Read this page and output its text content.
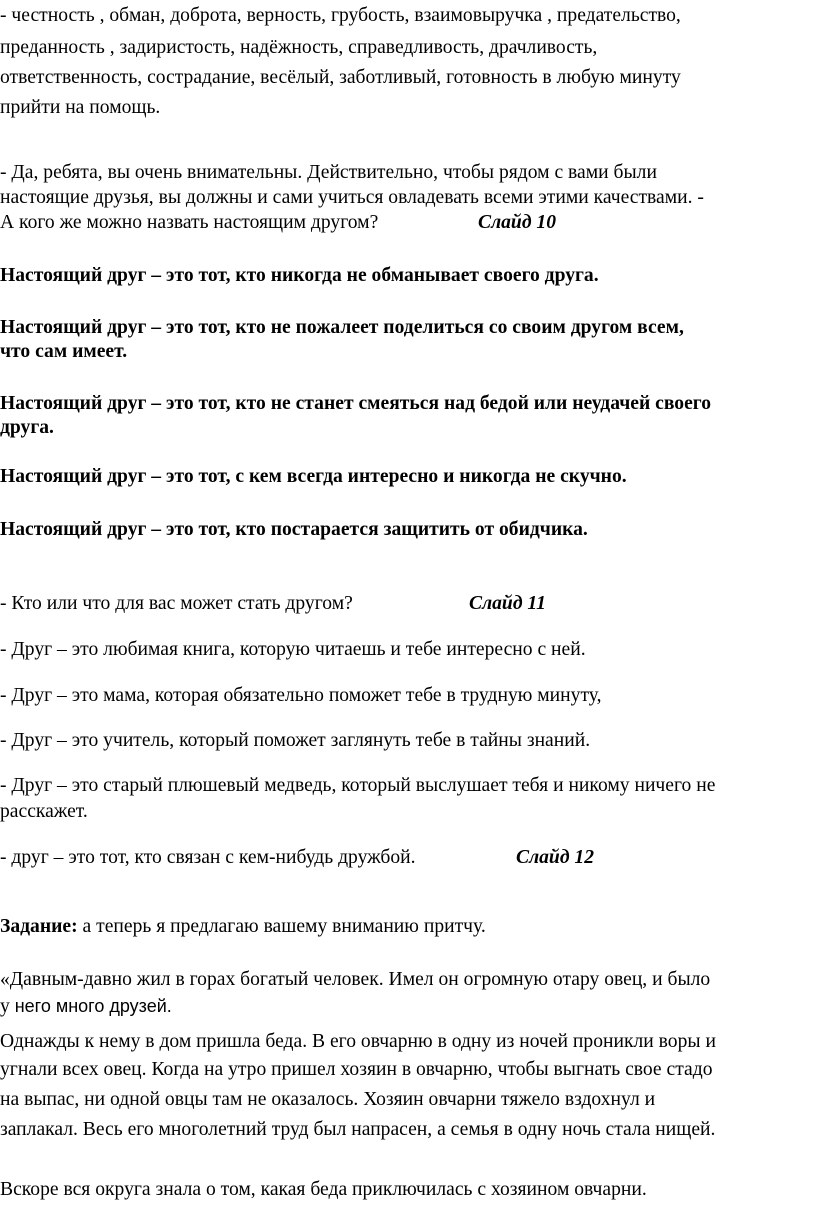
- честность , обман, доброта, верность, грубость, взаимовыручка , предательство,
преданность , задиристость, надёжность, справедливость, драчливость,
ответственность, сострадание, весёлый, заботливый, готовность в любую минуту
прийти на помощь.
- Да, ребята, вы очень внимательны. Действительно, чтобы рядом с вами были
настоящие друзья, вы должны и сами учиться овладевать всеми этими качествами. -
А кого же можно назвать настоящим другом?	Слайд 10
Настоящий друг – это тот, кто никогда не обманывает своего друга.
Настоящий друг – это тот, кто не пожалеет поделиться со своим другом всем,
что сам имеет.
Настоящий друг – это тот, кто не станет смеяться над бедой или неудачей своего
друга.
Настоящий друг – это тот, с кем всегда интересно и никогда не скучно.
Настоящий друг – это тот, кто постарается защитить от обидчика.
- Кто или что для вас может стать другом?	Слайд 11
- Друг – это любимая книга, которую читаешь и тебе интересно с ней.
- Друг – это мама, которая обязательно поможет тебе в трудную минуту,
- Друг – это учитель, который поможет заглянуть тебе в тайны знаний.
- Друг – это старый плюшевый медведь, который выслушает тебя и никому ничего не
расскажет.
- друг – это тот, кто связан с кем-нибудь дружбой.	Слайд 12
Задание: а теперь я предлагаю вашему вниманию притчу.
«Давным-давно жил в горах богатый человек. Имел он огромную отару овец, и было
у него много друзей.
Однажды к нему в дом пришла беда. В его овчарню в одну из ночей проникли воры и
угнали всех овец. Когда на утро пришел хозяин в овчарню, чтобы выгнать свое стадо
на выпас, ни одной овцы там не оказалось. Хозяин овчарни тяжело вздохнул и
заплакал. Весь его многолетний труд был напрасен, а семья в одну ночь стала нищей.
Вскоре вся округа знала о том, какая беда приключилась с хозяином овчарни.
